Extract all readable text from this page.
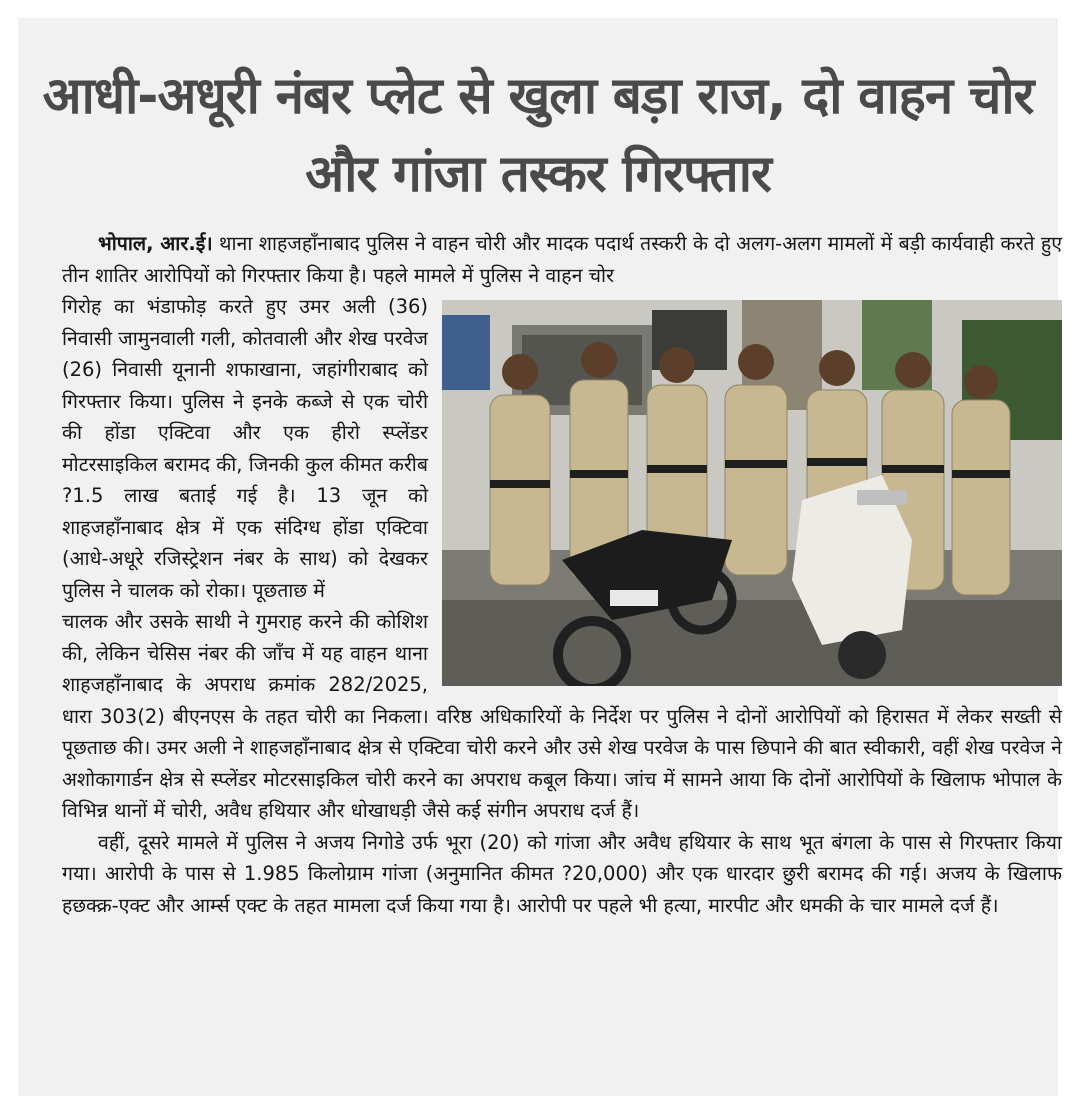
आधी-अधूरी नंबर प्लेट से खुला बड़ा राज, दो वाहन चोर और गांजा तस्कर गिरफ्तार

भोपाल, आर.ई। थाना शाहजहाँनाबाद पुलिस ने वाहन चोरी और मादक पदार्थ तस्करी के दो अलग-अलग मामलों में बड़ी कार्यवाही करते हुए तीन शातिर आरोपियों को गिरफ्तार किया है। पहले मामले में पुलिस ने वाहन चोर

गिरोह का भंडाफोड़ करते हुए उमर अली (36) निवासी जामुनवाली गली, कोतवाली और शेख परवेज (26) निवासी यूनानी शफाखाना, जहांगीराबाद को गिरफ्तार किया। पुलिस ने इनके कब्जे से एक चोरी की होंडा एक्टिवा और एक हीरो स्प्लेंडर मोटरसाइकिल बरामद की, जिनकी कुल कीमत करीब ?1.5 लाख बताई गई है। 13 जून को शाहजहाँनाबाद क्षेत्र में एक संदिग्ध होंडा एक्टिवा (आधे-अधूरे रजिस्ट्रेशन नंबर के साथ) को देखकर पुलिस ने चालक को रोका। पूछताछ में

चालक और उसके साथी ने गुमराह करने की कोशिश की, लेकिन चेसिस नंबर की जाँच में यह वाहन थाना शाहजहाँनाबाद के अपराध क्रमांक 282/2025, धारा 303(2) बीएनएस के तहत चोरी का निकला। वरिष्ठ अधिकारियों के निर्देश पर पुलिस ने दोनों आरोपियों को हिरासत में लेकर सख्ती से पूछताछ की। उमर अली ने शाहजहाँनाबाद क्षेत्र से एक्टिवा चोरी करने और उसे शेख परवेज के पास छिपाने की बात स्वीकारी, वहीं शेख परवेज ने अशोकागार्डन क्षेत्र से स्प्लेंडर मोटरसाइकिल चोरी करने का अपराध कबूल किया। जांच में सामने आया कि दोनों आरोपियों के खिलाफ भोपाल के विभिन्न थानों में चोरी, अवैध हथियार और धोखाधड़ी जैसे कई संगीन अपराध दर्ज हैं।

वहीं, दूसरे मामले में पुलिस ने अजय निगोडे उर्फ भूरा (20) को गांजा और अवैध हथियार के साथ भूत बंगला के पास से गिरफ्तार किया गया। आरोपी के पास से 1.985 किलोग्राम गांजा (अनुमानित कीमत ?20,000) और एक धारदार छुरी बरामद की गई। अजय के खिलाफ हछक्क्र-एक्ट और आर्म्स एक्ट के तहत मामला दर्ज किया गया है। आरोपी पर पहले भी हत्या, मारपीट और धमकी के चार मामले दर्ज हैं।
